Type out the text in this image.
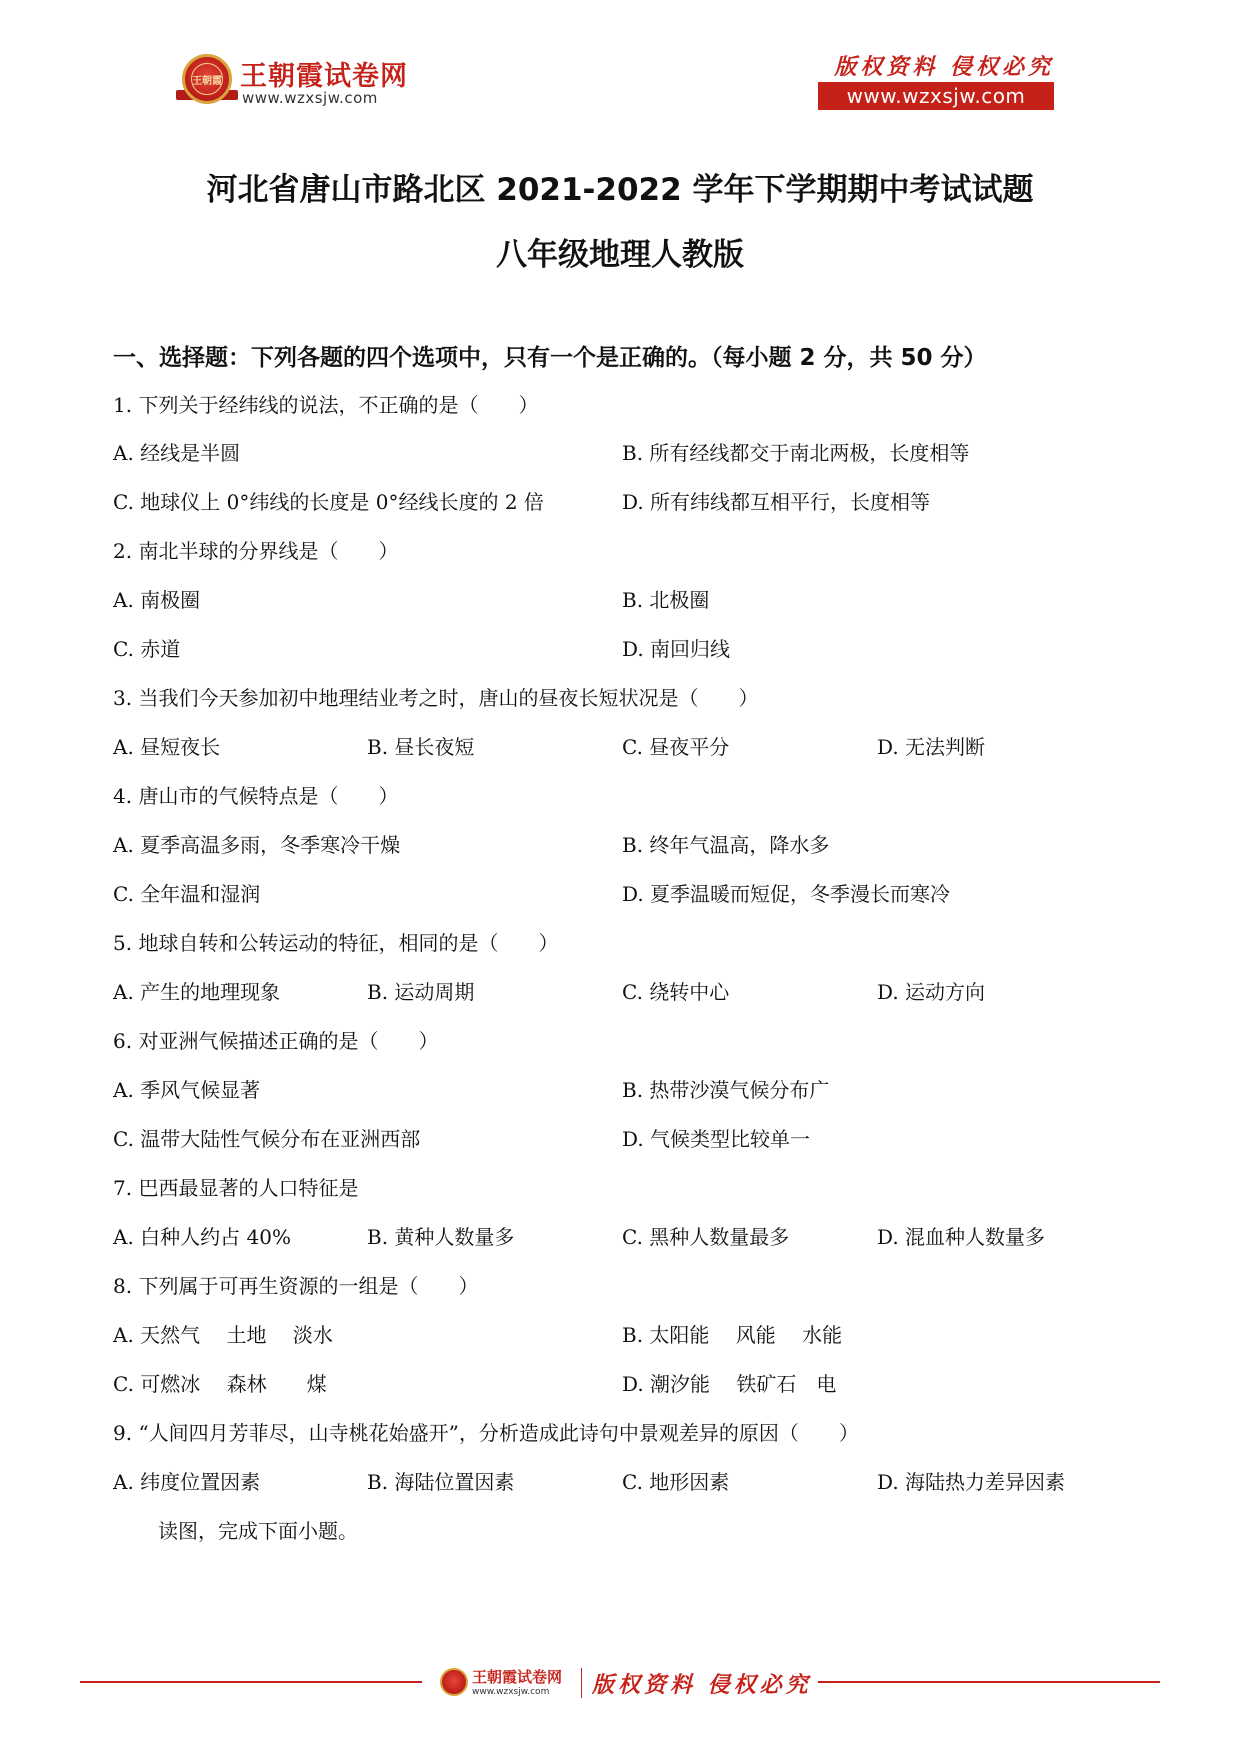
王朝霞 王朝霞试卷网
www.wzxsjw.com
版权资料 侵权必究
www.wzxsjw.com
河北省唐山市路北区 2021-2022 学年下学期期中考试试题
八年级地理人教版
一、选择题：下列各题的四个选项中，只有一个是正确的。（每小题 2 分，共 50 分）
1. 下列关于经纬线的说法，不正确的是（　　）
A. 经线是半圆	B. 所有经线都交于南北两极，长度相等
C. 地球仪上 0°纬线的长度是 0°经线长度的 2 倍	D. 所有纬线都互相平行，长度相等
2. 南北半球的分界线是（　　）
A. 南极圈	B. 北极圈
C. 赤道	D. 南回归线
3. 当我们今天参加初中地理结业考之时，唐山的昼夜长短状况是（　　）
A. 昼短夜长	B. 昼长夜短	C. 昼夜平分	D. 无法判断
4. 唐山市的气候特点是（　　）
A. 夏季高温多雨，冬季寒冷干燥	B. 终年气温高，降水多
C. 全年温和湿润	D. 夏季温暖而短促，冬季漫长而寒冷
5. 地球自转和公转运动的特征，相同的是（　　）
A. 产生的地理现象	B. 运动周期	C. 绕转中心	D. 运动方向
6. 对亚洲气候描述正确的是（　　）
A. 季风气候显著	B. 热带沙漠气候分布广
C. 温带大陆性气候分布在亚洲西部	D. 气候类型比较单一
7. 巴西最显著的人口特征是
A. 白种人约占 40%	B. 黄种人数量多	C. 黑种人数量最多	D. 混血种人数量多
8. 下列属于可再生资源的一组是（　　）
A. 天然气　 土地　 淡水	B. 太阳能　 风能　 水能
C. 可燃冰　 森林　　煤	D. 潮汐能　 铁矿石　电
9. “人间四月芳菲尽，山寺桃花始盛开”，分析造成此诗句中景观差异的原因（　　）
A. 纬度位置因素	B. 海陆位置因素	C. 地形因素	D. 海陆热力差异因素
读图，完成下面小题。
王朝霞试卷网
www.wzxsjw.com 版权资料 侵权必究
